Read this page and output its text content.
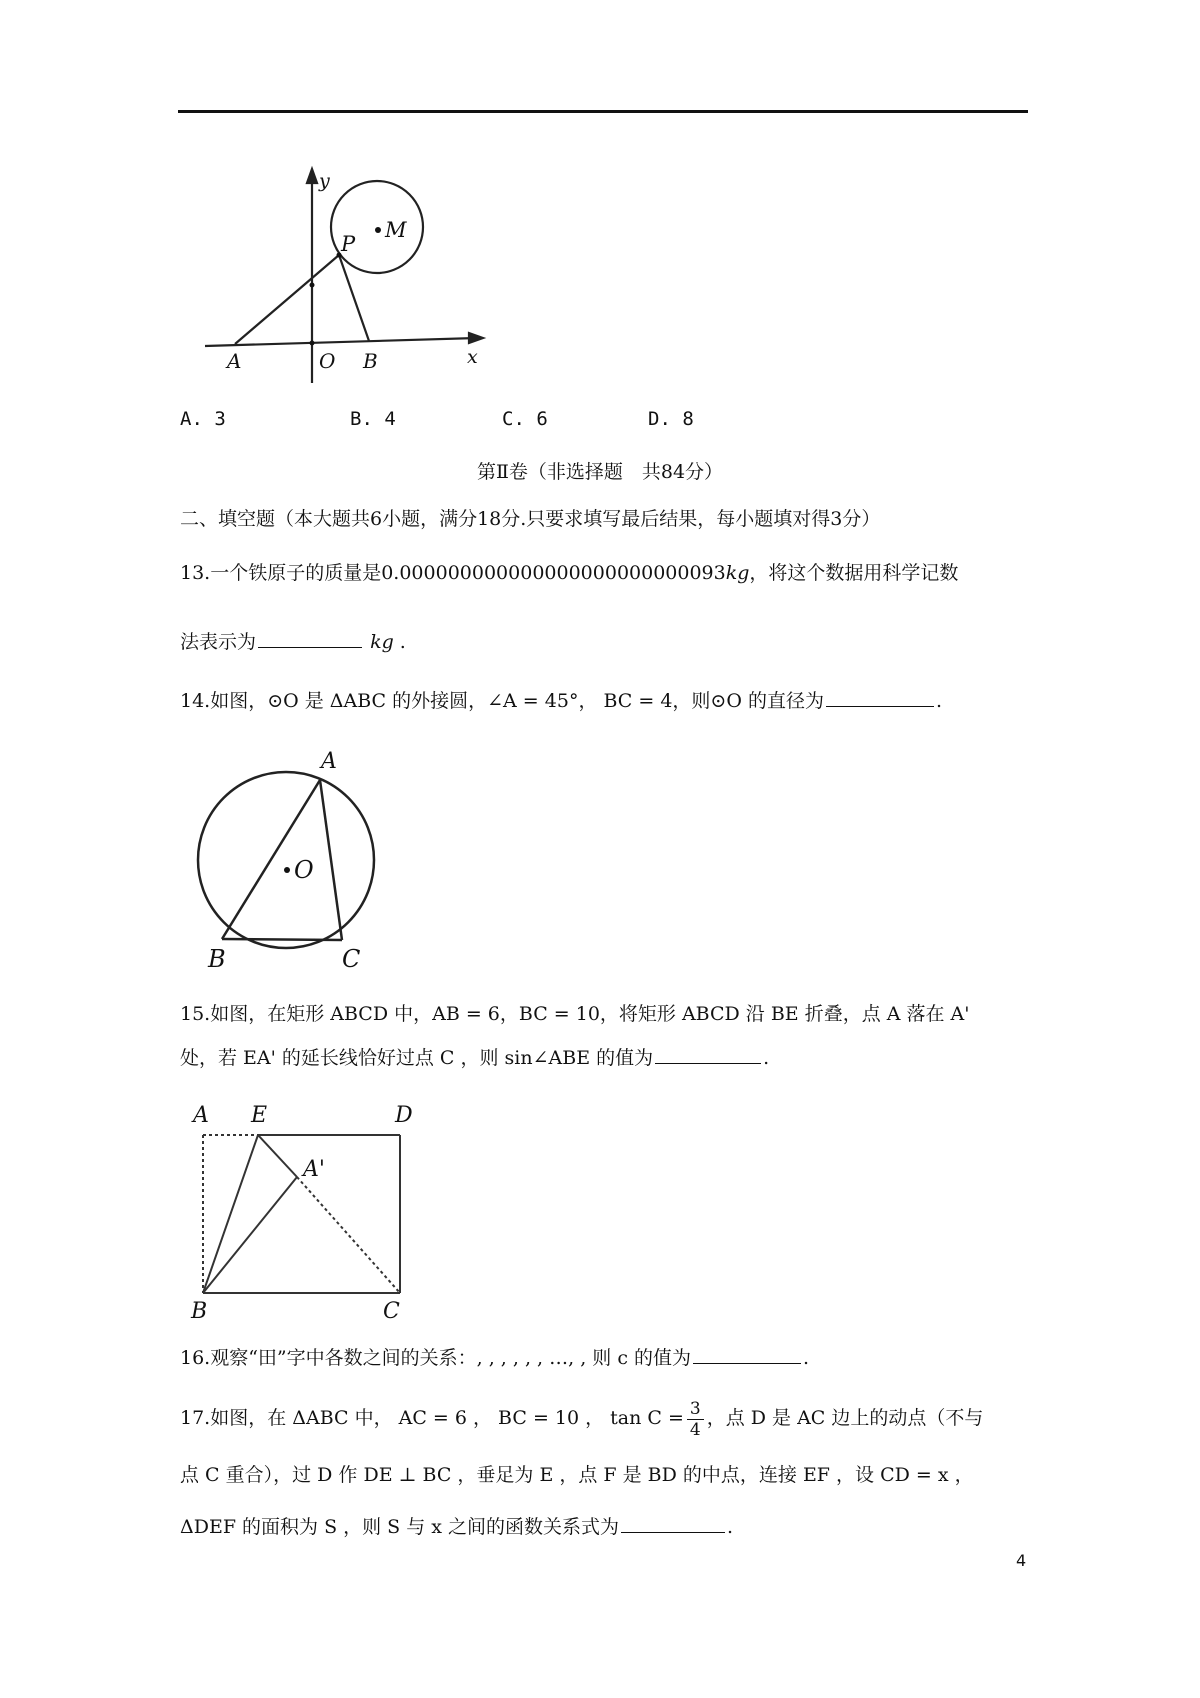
y
x
M
P
A	O B
A. 3	B. 4	C. 6	D. 8
第Ⅱ卷（非选择题　共84分）
二、填空题（本大题共6小题，满分18分.只要求填写最后结果，每小题填对得3分）
13.一个铁原子的质量是0.000000000000000000000000093kg，将这个数据用科学记数
法表示为	kg .
14.如图，⊙O 是 ΔABC 的外接圆，∠A = 45°， BC = 4，则⊙O 的直径为	.
A
O
B	C
15.如图，在矩形 ABCD 中，AB = 6，BC = 10，将矩形 ABCD 沿 BE 折叠，点 A 落在 A'
处，若 EA' 的延长线恰好过点 C ，则 sin∠ABE 的值为	.
A E	D
A'
B	C
16.观察“田”字中各数之间的关系：, , , , , , …, , 则 c 的值为	.
17.如图，在 ΔABC 中， AC = 6 ， BC = 10 ， $\tan C = \frac{3}{4}$ ，点 D 是 AC 边上的动点（不与
点 C 重合），过 D 作 DE ⊥ BC ，垂足为 E ，点 F 是 BD 的中点，连接 EF ，设 CD = x ，
ΔDEF 的面积为 S ，则 S 与 x 之间的函数关系式为	.
4
